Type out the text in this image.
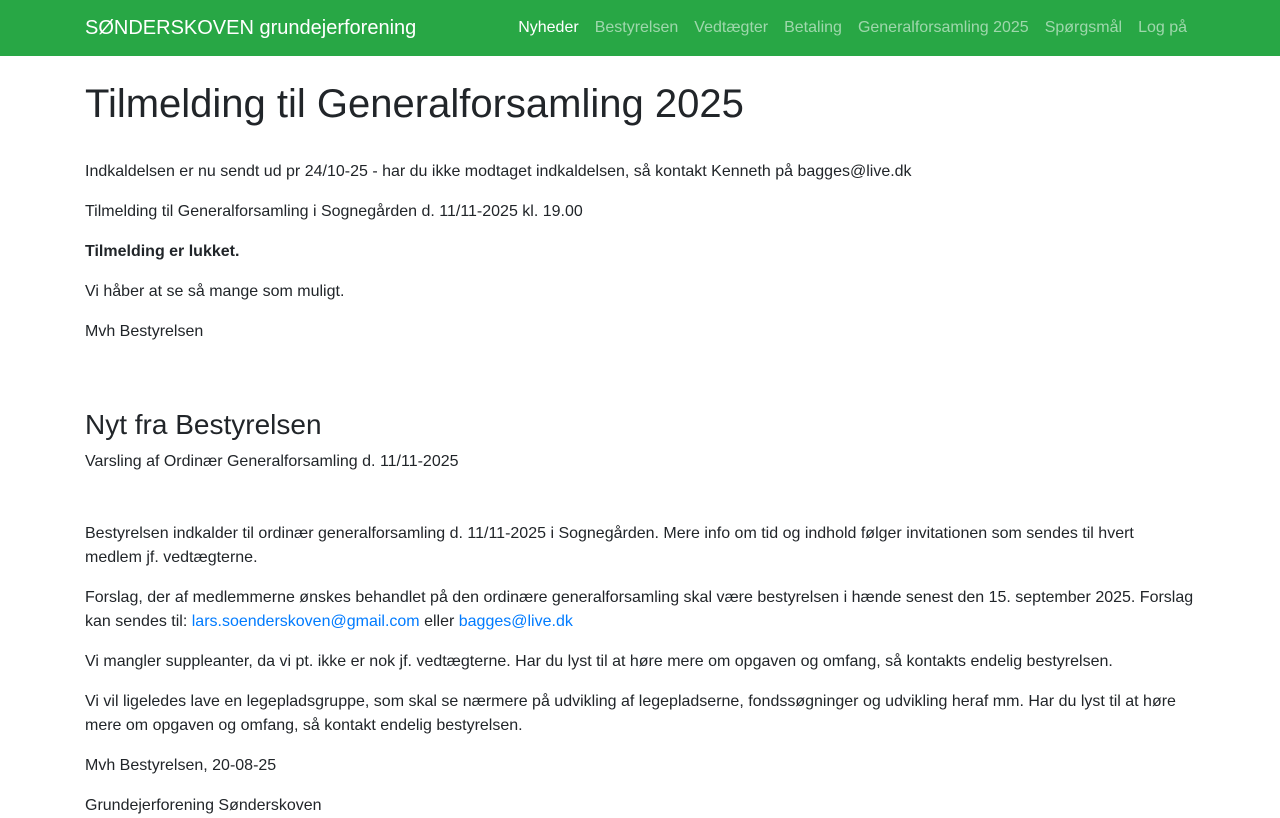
SØNDERSKOVEN grundejerforening	Nyheder	Bestyrelsen	Vedtægter	Betaling	Generalforsamling 2025	Spørgsmål	Log på
Tilmelding til Generalforsamling 2025

Indkaldelsen er nu sendt ud pr 24/10-25 - har du ikke modtaget indkaldelsen, så kontakt Kenneth på bagges@live.dk

Tilmelding til Generalforsamling i Sognegården d. 11/11-2025 kl. 19.00

Tilmelding er lukket.

Vi håber at se så mange som muligt.

Mvh Bestyrelsen

Nyt fra Bestyrelsen

Varsling af Ordinær Generalforsamling d. 11/11-2025

Bestyrelsen indkalder til ordinær generalforsamling d. 11/11-2025 i Sognegården. Mere info om tid og indhold følger invitationen som sendes til hvert medlem jf. vedtægterne.

Forslag, der af medlemmerne ønskes behandlet på den ordinære generalforsamling skal være bestyrelsen i hænde senest den 15. september 2025. Forslag kan sendes til: lars.soenderskoven@gmail.com eller bagges@live.dk

Vi mangler suppleanter, da vi pt. ikke er nok jf. vedtægterne. Har du lyst til at høre mere om opgaven og omfang, så kontakts endelig bestyrelsen.

Vi vil ligeledes lave en legepladsgruppe, som skal se nærmere på udvikling af legepladserne, fondssøgninger og udvikling heraf mm. Har du lyst til at høre mere om opgaven og omfang, så kontakt endelig bestyrelsen.

Mvh Bestyrelsen, 20-08-25

Grundejerforening Sønderskoven
